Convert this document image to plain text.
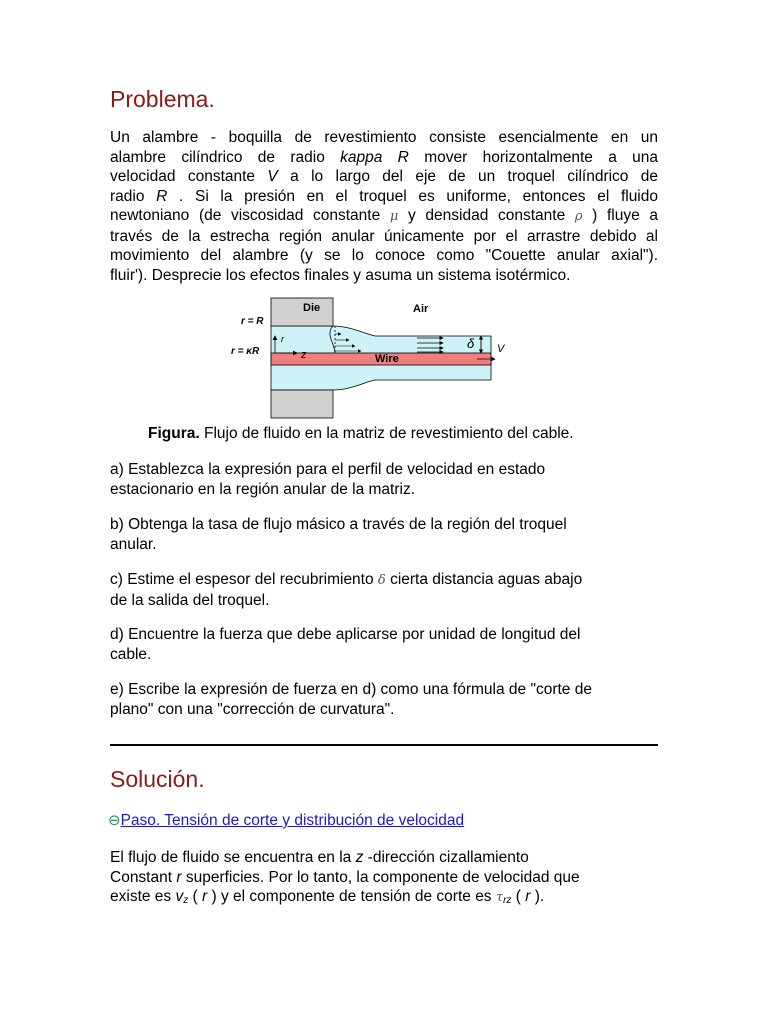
Problema.
Un alambre - boquilla de revestimiento consiste esencialmente en un
alambre cilíndrico de radio kappa R mover horizontalmente a una
velocidad constante V a lo largo del eje de un troquel cilíndrico de
radio R . Si la presión en el troquel es uniforme, entonces el fluido
newtoniano (de viscosidad constante μ y densidad constante ρ ) fluye a
través de la estrecha región anular únicamente por el arrastre debido al
movimiento del alambre (y se lo conoce como "Couette anular axial").
fluir'). Desprecie los efectos finales y asuma un sistema isotérmico.
δ V
r
z
Die	Air
Wire
r = R
r = κR
Figura. Flujo de fluido en la matriz de revestimiento del cable.
a) Establezca la expresión para el perfil de velocidad en estado
estacionario en la región anular de la matriz.
b) Obtenga la tasa de flujo másico a través de la región del troquel
anular.
c) Estime el espesor del recubrimiento δ cierta distancia aguas abajo
de la salida del troquel.
d) Encuentre la fuerza que debe aplicarse por unidad de longitud del
cable.
e) Escribe la expresión de fuerza en d) como una fórmula de "corte de
plano" con una "corrección de curvatura".
Solución.
⊖Paso. Tensión de corte y distribución de velocidad
El flujo de fluido se encuentra en la z -dirección cizallamiento
Constant r superficies. Por lo tanto, la componente de velocidad que
existe es $v_z$ ( r ) y el componente de tensión de corte es $\tau_{rz}$ ( r ).
